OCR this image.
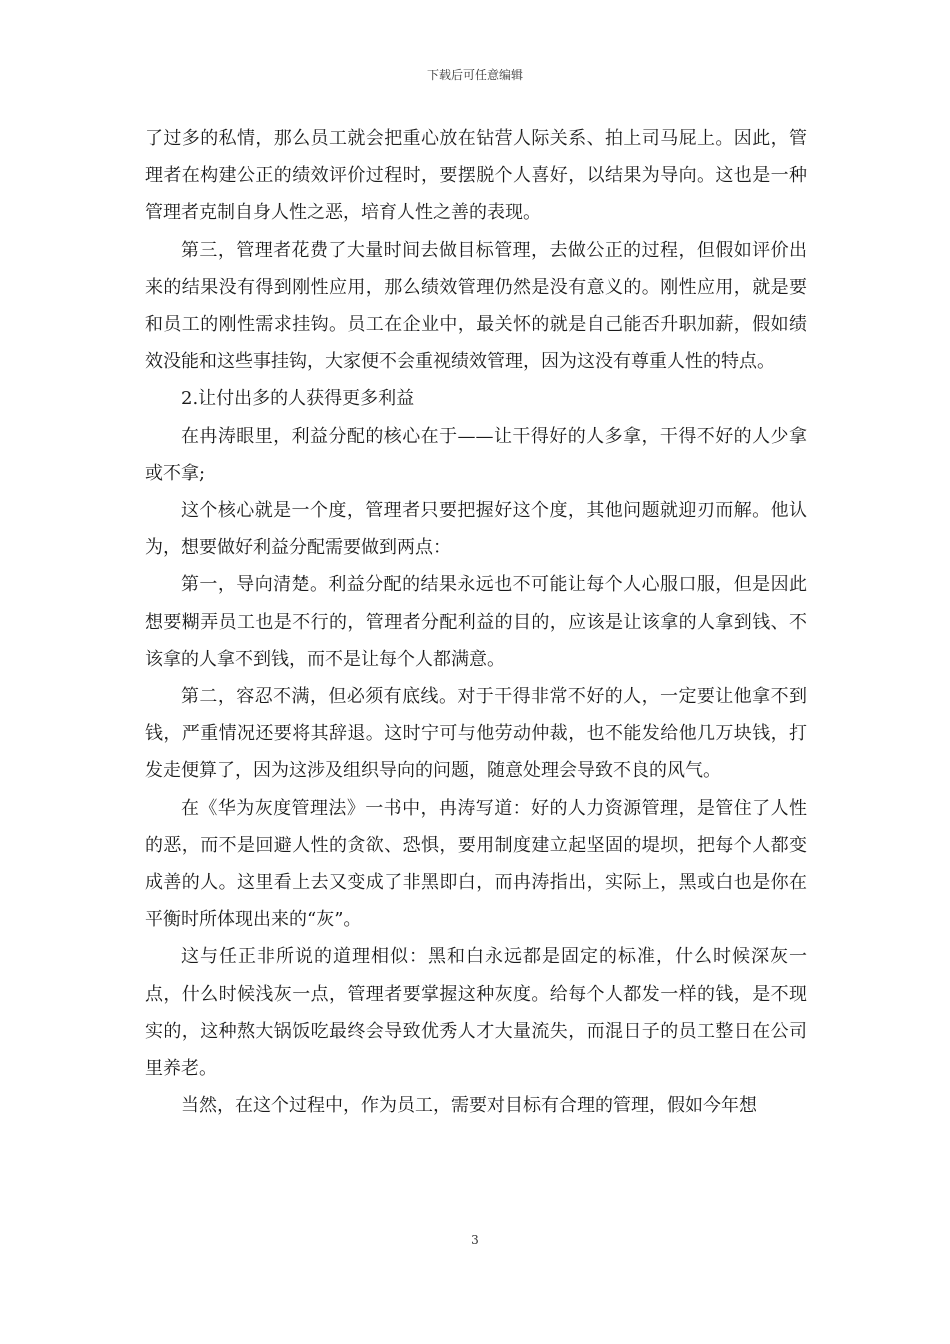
下载后可任意编辑

了过多的私情，那么员工就会把重心放在钻营人际关系、拍上司马屁上。因此，管理者在构建公正的绩效评价过程时，要摆脱个人喜好，以结果为导向。这也是一种管理者克制自身人性之恶，培育人性之善的表现。

第三，管理者花费了大量时间去做目标管理，去做公正的过程，但假如评价出来的结果没有得到刚性应用，那么绩效管理仍然是没有意义的。刚性应用，就是要和员工的刚性需求挂钩。员工在企业中，最关怀的就是自己能否升职加薪，假如绩效没能和这些事挂钩，大家便不会重视绩效管理，因为这没有尊重人性的特点。

2.让付出多的人获得更多利益

在冉涛眼里，利益分配的核心在于——让干得好的人多拿，干得不好的人少拿或不拿;

这个核心就是一个度，管理者只要把握好这个度，其他问题就迎刃而解。他认为，想要做好利益分配需要做到两点：

第一，导向清楚。利益分配的结果永远也不可能让每个人心服口服，但是因此想要糊弄员工也是不行的，管理者分配利益的目的，应该是让该拿的人拿到钱、不该拿的人拿不到钱，而不是让每个人都满意。

第二，容忍不满，但必须有底线。对于干得非常不好的人，一定要让他拿不到钱，严重情况还要将其辞退。这时宁可与他劳动仲裁，也不能发给他几万块钱，打发走便算了，因为这涉及组织导向的问题，随意处理会导致不良的风气。

在《华为灰度管理法》一书中，冉涛写道：好的人力资源管理，是管住了人性的恶，而不是回避人性的贪欲、恐惧，要用制度建立起坚固的堤坝，把每个人都变成善的人。这里看上去又变成了非黑即白，而冉涛指出，实际上，黑或白也是你在平衡时所体现出来的“灰”。

这与任正非所说的道理相似：黑和白永远都是固定的标准，什么时候深灰一点，什么时候浅灰一点，管理者要掌握这种灰度。给每个人都发一样的钱，是不现实的，这种熬大锅饭吃最终会导致优秀人才大量流失，而混日子的员工整日在公司里养老。

当然，在这个过程中，作为员工，需要对目标有合理的管理，假如今年想

3
